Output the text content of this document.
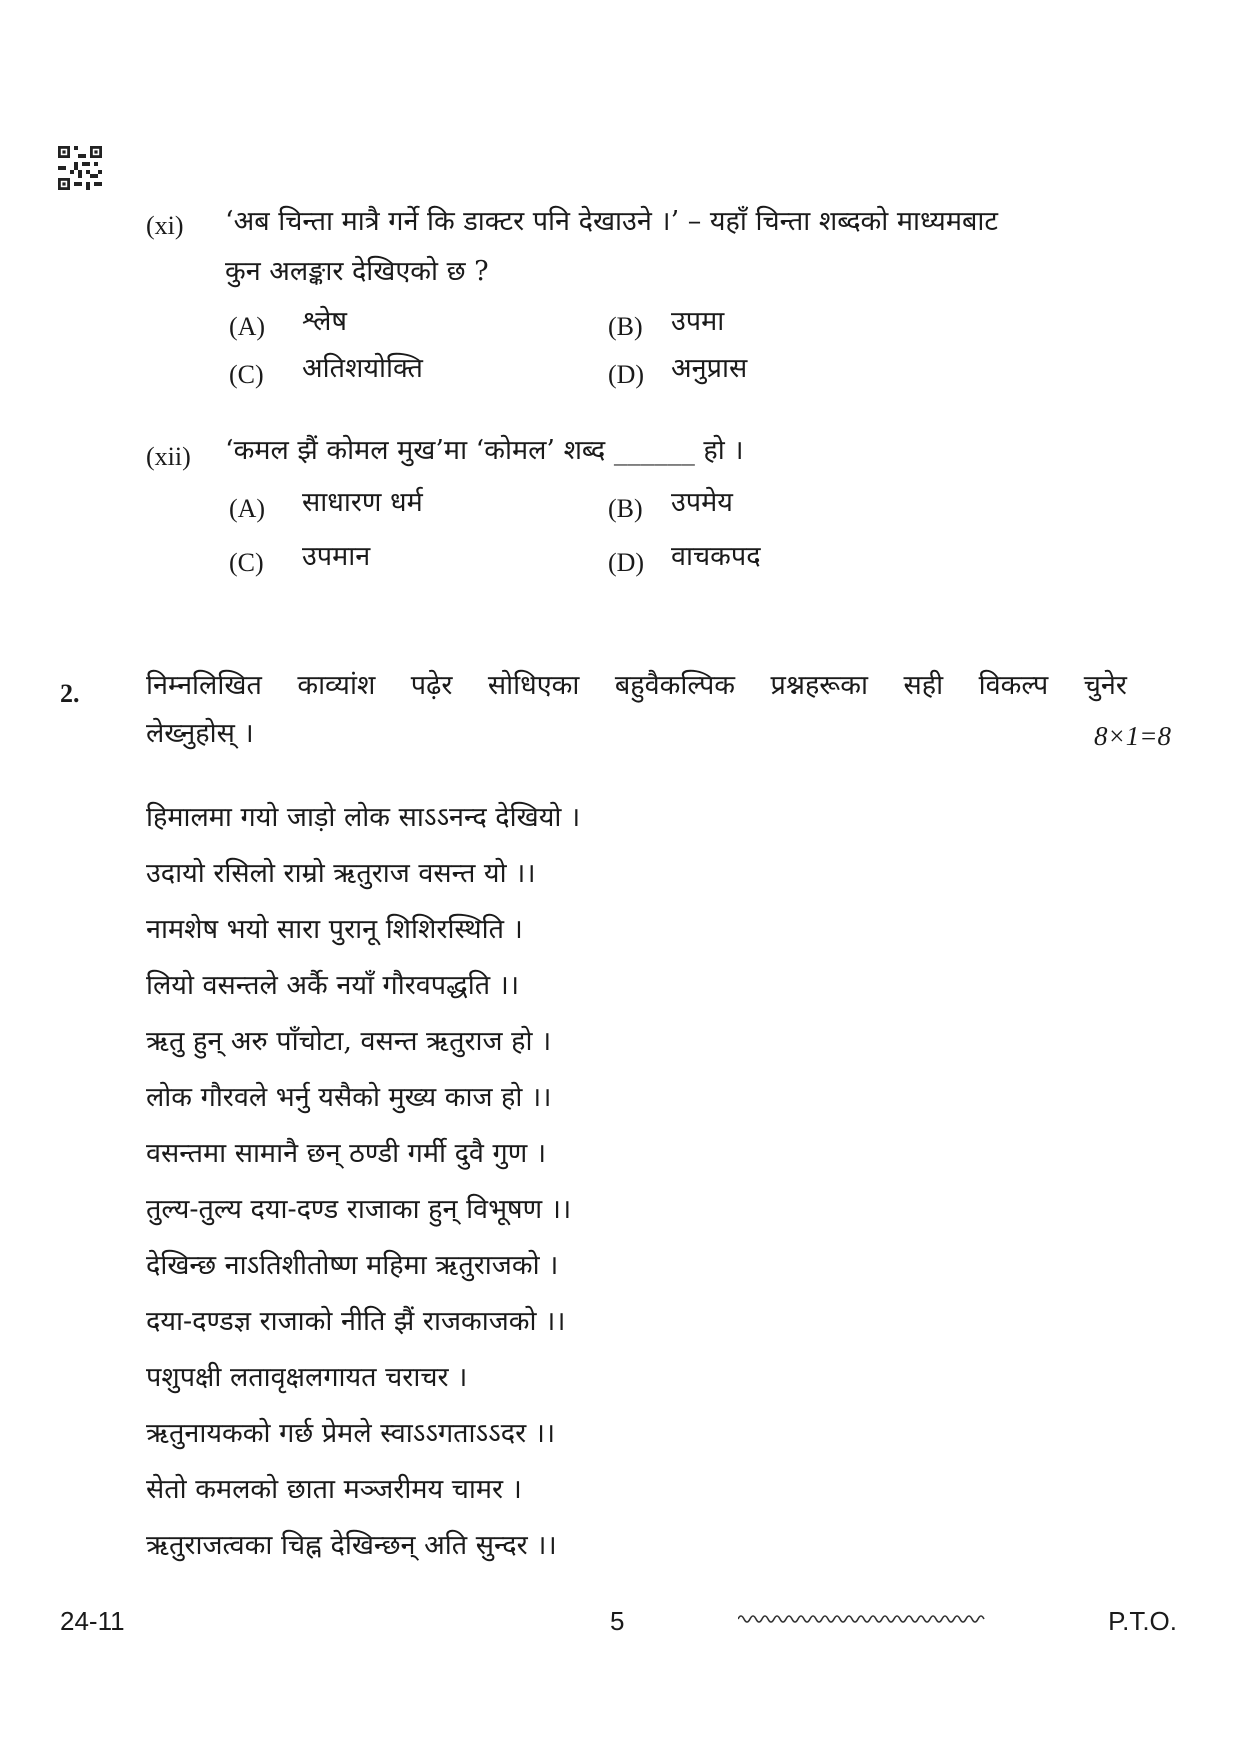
(xi) ‘अब चिन्ता मात्रै गर्ने कि डाक्टर पनि देखाउने ।’ – यहाँ चिन्ता शब्दको माध्यमबाट
कुन अलङ्कार देखिएको छ ?
(A) श्लेष	(B) उपमा
(C) अतिशयोक्ति	(D) अनुप्रास
(xii) ‘कमल झैं कोमल मुख’मा ‘कोमल’ शब्द ______ हो ।
(A) साधारण धर्म	(B) उपमेय
(C) उपमान	(D) वाचकपद
2. निम्नलिखित काव्यांश पढ़ेर सोधिएका बहुवैकल्पिक प्रश्नहरूका सही विकल्प चुनेर
लेख्नुहोस् ।	8×1=8
हिमालमा गयो जाड़ो लोक साऽऽनन्द देखियो ।
उदायो रसिलो राम्रो ऋतुराज वसन्त यो ।।
नामशेष भयो सारा पुरानू शिशिरस्थिति ।
लियो वसन्तले अर्कै नयाँ गौरवपद्धति ।।
ऋतु हुन् अरु पाँचोटा, वसन्त ऋतुराज हो ।
लोक गौरवले भर्नु यसैको मुख्य काज हो ।।
वसन्तमा सामानै छन् ठण्डी गर्मी दुवै गुण ।
तुल्य-तुल्य दया-दण्ड राजाका हुन् विभूषण ।।
देखिन्छ नाऽतिशीतोष्ण महिमा ऋतुराजको ।
दया-दण्डज्ञ राजाको नीति झैं राजकाजको ।।
पशुपक्षी लतावृक्षलगायत चराचर ।
ऋतुनायकको गर्छ प्रेमले स्वाऽऽगताऽऽदर ।।
सेतो कमलको छाता मञ्जरीमय चामर ।
ऋतुराजत्वका चिह्न देखिन्छन् अति सुन्दर ।।
24-11	5	P.T.O.
